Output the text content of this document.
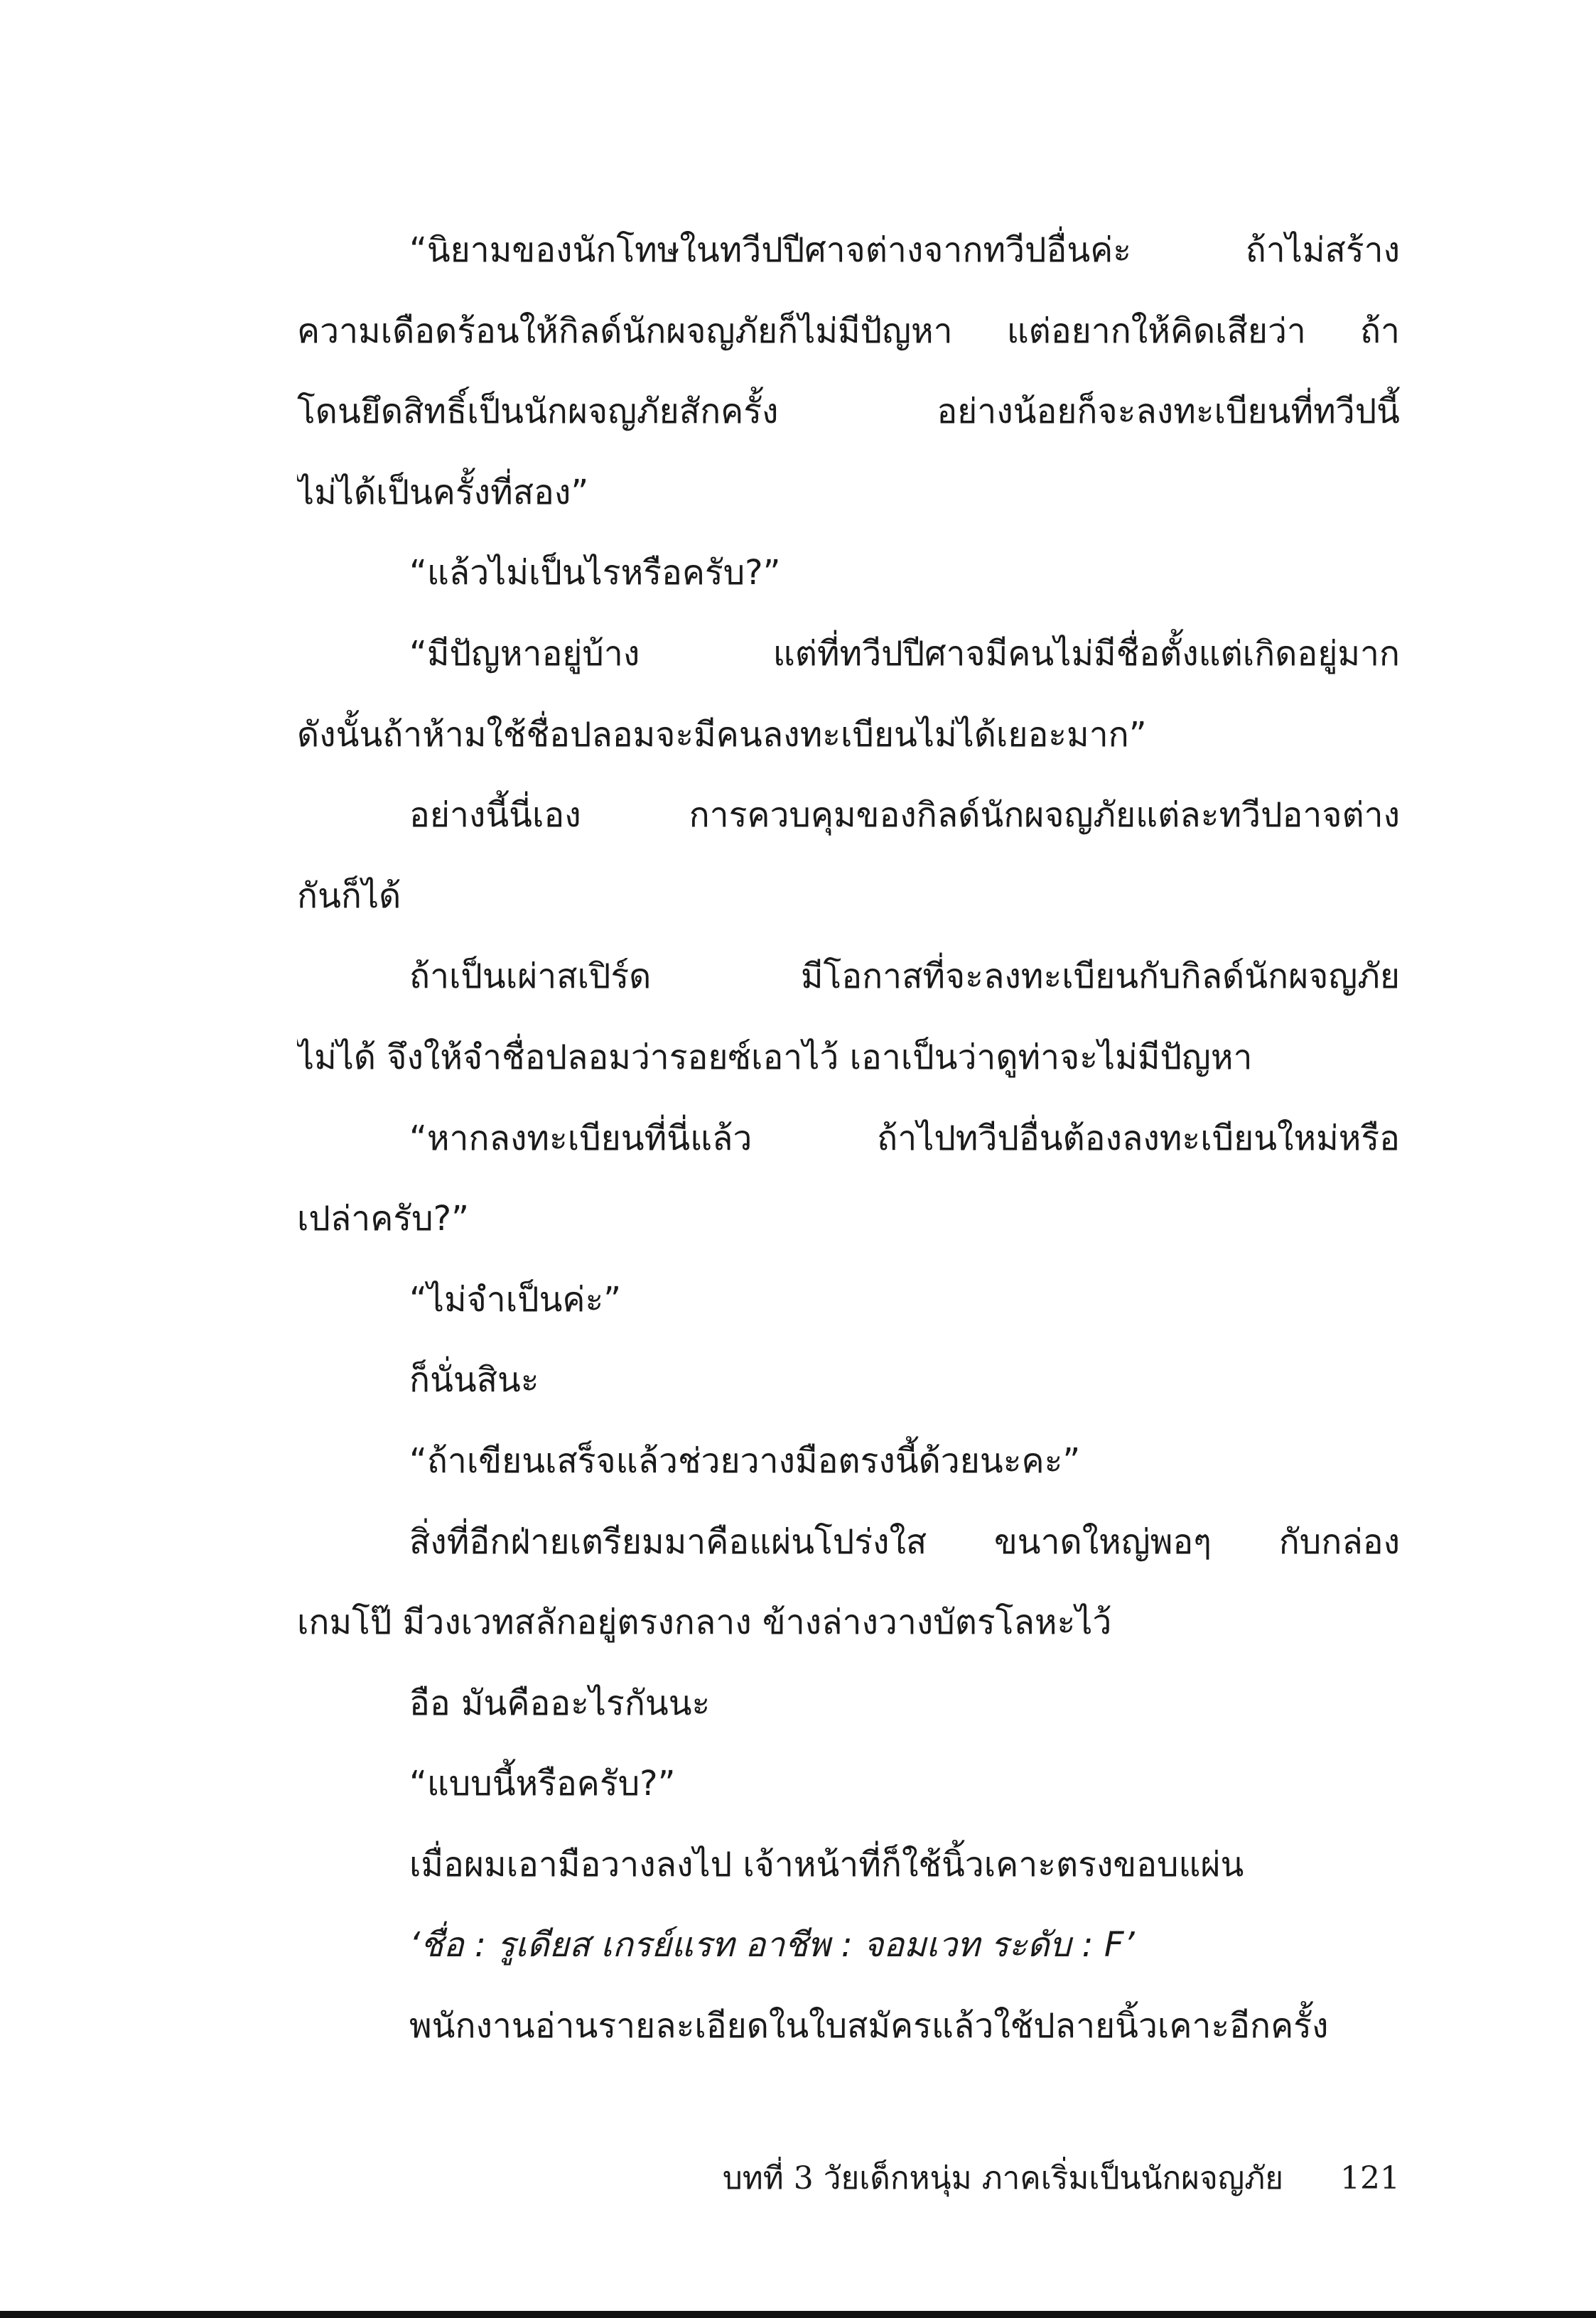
“นิยามของนักโทษในทวีปปีศาจต่างจากทวีปอื่นค่ะ ถ้าไม่สร้าง
ความเดือดร้อนให้กิลด์นักผจญภัยก็ไม่มีปัญหา แต่อยากให้คิดเสียว่า ถ้า
โดนยึดสิทธิ์เป็นนักผจญภัยสักครั้ง อย่างน้อยก็จะลงทะเบียนที่ทวีปนี้
ไม่ได้เป็นครั้งที่สอง”
“แล้วไม่เป็นไรหรือครับ?”
“มีปัญหาอยู่บ้าง แต่ที่ทวีปปีศาจมีคนไม่มีชื่อตั้งแต่เกิดอยู่มาก
ดังนั้นถ้าห้ามใช้ชื่อปลอมจะมีคนลงทะเบียนไม่ได้เยอะมาก”
อย่างนี้นี่เอง การควบคุมของกิลด์นักผจญภัยแต่ละทวีปอาจต่าง
กันก็ได้
ถ้าเป็นเผ่าสเปิร์ด มีโอกาสที่จะลงทะเบียนกับกิลด์นักผจญภัย
ไม่ได้ จึงให้จำชื่อปลอมว่ารอยซ์เอาไว้ เอาเป็นว่าดูท่าจะไม่มีปัญหา
“หากลงทะเบียนที่นี่แล้ว ถ้าไปทวีปอื่นต้องลงทะเบียนใหม่หรือ
เปล่าครับ?”
“ไม่จำเป็นค่ะ”
ก็นั่นสินะ
“ถ้าเขียนเสร็จแล้วช่วยวางมือตรงนี้ด้วยนะคะ”
สิ่งที่อีกฝ่ายเตรียมมาคือแผ่นโปร่งใส ขนาดใหญ่พอๆ กับกล่อง
เกมโป๊ มีวงเวทสลักอยู่ตรงกลาง ข้างล่างวางบัตรโลหะไว้
อือ มันคืออะไรกันนะ
“แบบนี้หรือครับ?”
เมื่อผมเอามือวางลงไป เจ้าหน้าที่ก็ใช้นิ้วเคาะตรงขอบแผ่น
‘ชื่อ : รูเดียส เกรย์แรท อาชีพ : จอมเวท ระดับ : F’
พนักงานอ่านรายละเอียดในใบสมัครแล้วใช้ปลายนิ้วเคาะอีกครั้ง
บทที่ 3 วัยเด็กหนุ่ม ภาคเริ่มเป็นนักผจญภัย 121
